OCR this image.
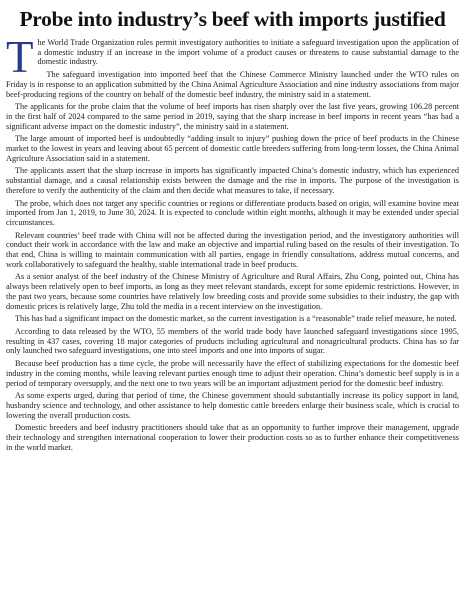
Probe into industry’s beef with imports justified

The World Trade Organization rules permit investigatory authorities to initiate a safeguard investigation upon the application of a domestic industry if an increase in the import volume of a product causes or threatens to cause substantial damage to the domestic industry.

The safeguard investigation into imported beef that the Chinese Commerce Ministry launched under the WTO rules on Friday is in response to an application submitted by the China Animal Agriculture Association and nine industry associations from major beef-producing regions of the country on behalf of the domestic beef industry, the ministry said in a statement.

The applicants for the probe claim that the volume of beef imports has risen sharply over the last five years, growing 106.28 percent in the first half of 2024 compared to the same period in 2019, saying that the sharp increase in beef imports in recent years “has had a significant adverse impact on the domestic industry”, the ministry said in a statement.

The large amount of imported beef is undoubtedly “adding insult to injury” pushing down the price of beef products in the Chinese market to the lowest in years and leaving about 65 percent of domestic cattle breeders suffering from long-term losses, the China Animal Agriculture Association said in a statement.

The applicants assert that the sharp increase in imports has significantly impacted China’s domestic industry, which has experienced substantial damage, and a causal relationship exists between the damage and the rise in imports. The purpose of the investigation is therefore to verify the authenticity of the claim and then decide what measures to take, if necessary.

The probe, which does not target any specific countries or regions or differentiate products based on origin, will examine bovine meat imported from Jan 1, 2019, to June 30, 2024. It is expected to conclude within eight months, although it may be extended under special circumstances.

Relevant countries’ beef trade with China will not be affected during the investigation period, and the investigatory authorities will conduct their work in accordance with the law and make an objective and impartial ruling based on the results of their investigation. To that end, China is willing to maintain communication with all parties, engage in friendly consultations, address mutual concerns, and work collaboratively to safeguard the healthy, stable international trade in beef products.

As a senior analyst of the beef industry of the Chinese Ministry of Agriculture and Rural Affairs, Zhu Cong, pointed out, China has always been relatively open to beef imports, as long as they meet relevant standards, except for some epidemic restrictions. However, in the past two years, because some countries have relatively low breeding costs and provide some subsidies to their industry, the gap with domestic prices is relatively large, Zhu told the media in a recent interview on the investigation.

This has had a significant impact on the domestic market, so the current investigation is a “reasonable” trade relief measure, he noted.

According to data released by the WTO, 55 members of the world trade body have launched safeguard investigations since 1995, resulting in 437 cases, covering 18 major categories of products including agricultural and nonagricultural products. China has so far only launched two safeguard investigations, one into steel imports and one into imports of sugar.

Because beef production has a time cycle, the probe will necessarily have the effect of stabilizing expectations for the domestic beef industry in the coming months, while leaving relevant parties enough time to adjust their operation. China’s domestic beef supply is in a period of temporary oversupply, and the next one to two years will be an important adjustment period for the domestic beef industry.

As some experts urged, during that period of time, the Chinese government should substantially increase its policy support in land, husbandry science and technology, and other assistance to help domestic cattle breeders enlarge their business scale, which is crucial to lowering the overall production costs.

Domestic breeders and beef industry practitioners should take that as an opportunity to further improve their management, upgrade their technology and strengthen international cooperation to lower their production costs so as to further enhance their competitiveness in the world market.
